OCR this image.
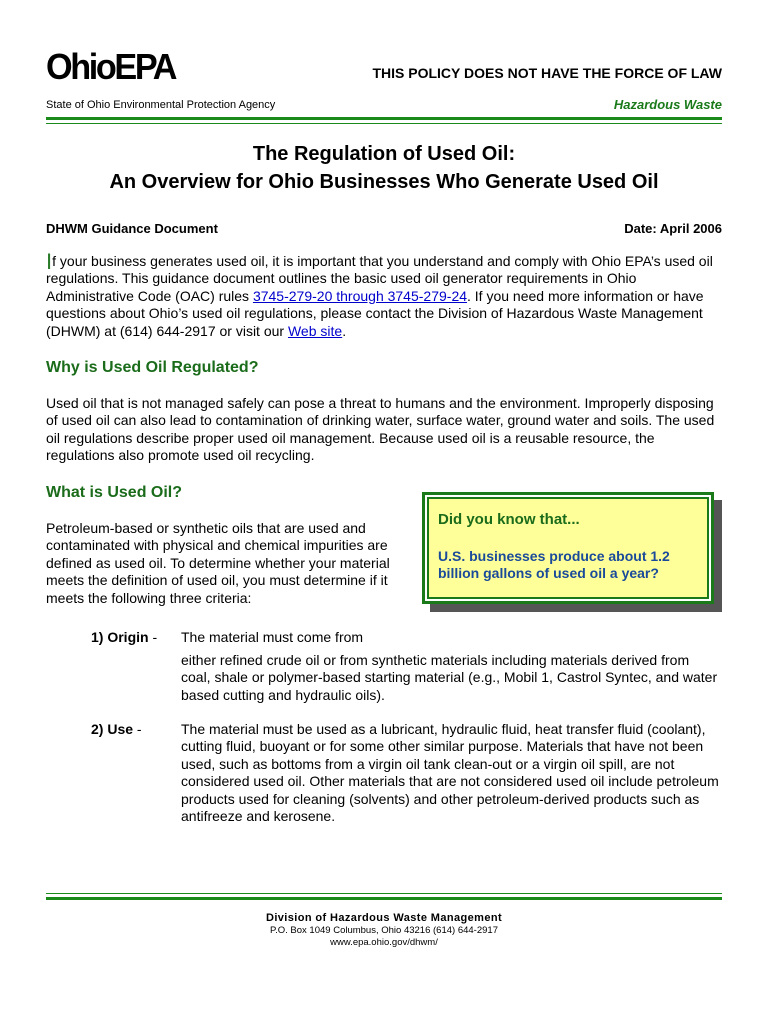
OhioEPA	THIS POLICY DOES NOT HAVE THE FORCE OF LAW
State of Ohio Environmental Protection Agency	Hazardous Waste
The Regulation of Used Oil:
An Overview for Ohio Businesses Who Generate Used Oil
DHWM Guidance Document	Date: April 2006
If your business generates used oil, it is important that you understand and comply with Ohio EPA’s used oil regulations. This guidance document outlines the basic used oil generator requirements in Ohio Administrative Code (OAC) rules 3745-279-20 through 3745-279-24. If you need more information or have questions about Ohio’s used oil regulations, please contact the Division of Hazardous Waste Management (DHWM) at (614) 644-2917 or visit our Web site.
Why is Used Oil Regulated?
Used oil that is not managed safely can pose a threat to humans and the environment. Improperly disposing of used oil can also lead to contamination of drinking water, surface water, ground water and soils. The used oil regulations describe proper used oil management. Because used oil is a reusable resource, the regulations also promote used oil recycling.
What is Used Oil?
Petroleum-based or synthetic oils that are used and contaminated with physical and chemical impurities are defined as used oil. To determine whether your material meets the definition of used oil, you must determine if it meets the following three criteria:
Did you know that...
U.S. businesses produce about 1.2 billion gallons of used oil a year?
1) Origin - The material must come from
either refined crude oil or from synthetic materials including materials derived from coal, shale or polymer-based starting material (e.g., Mobil 1, Castrol Syntec, and water based cutting and hydraulic oils).
2) Use -	The material must be used as a lubricant, hydraulic fluid, heat transfer fluid (coolant), cutting fluid, buoyant or for some other similar purpose. Materials that have not been used, such as bottoms from a virgin oil tank clean-out or a virgin oil spill, are not considered used oil. Other materials that are not considered used oil include petroleum products used for cleaning (solvents) and other petroleum-derived products such as antifreeze and kerosene.
Division of Hazardous Waste Management
P.O. Box 1049 Columbus, Ohio 43216 (614) 644-2917
www.epa.ohio.gov/dhwm/
